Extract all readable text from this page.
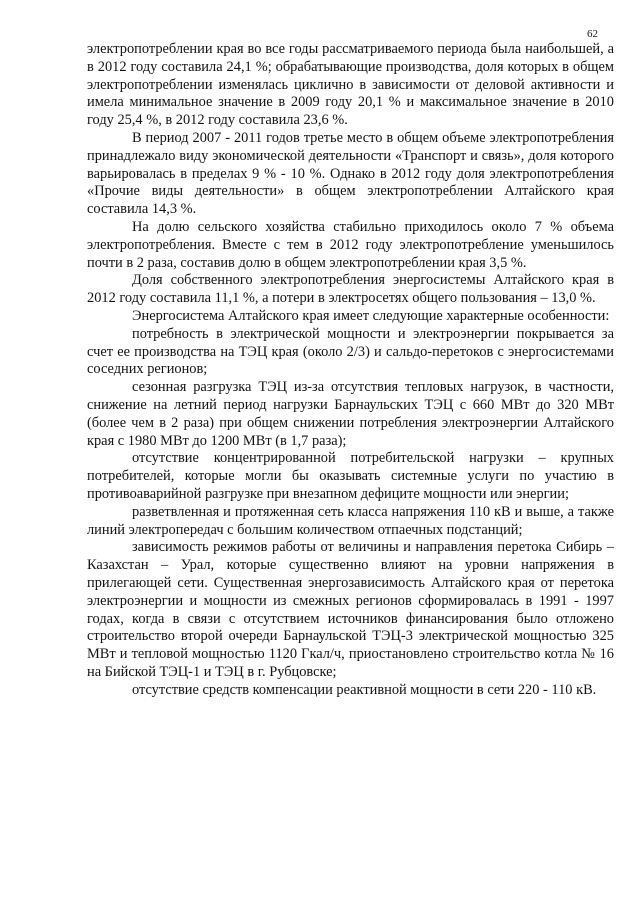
62

электропотреблении края во все годы рассматриваемого периода была наибольшей, а в 2012 году составила 24,1 %; обрабатывающие производства, доля которых в общем электропотреблении изменялась циклично в зависимости от деловой активности и имела минимальное значение в 2009 году 20,1 % и максимальное значение в 2010 году 25,4 %, в 2012 году составила 23,6 %.

В период 2007 - 2011 годов третье место в общем объеме электропотребления принадлежало виду экономической деятельности «Транспорт и связь», доля которого варьировалась в пределах 9 % - 10 %. Однако в 2012 году доля электропотребления «Прочие виды деятельности» в общем электропотреблении Алтайского края составила 14,3 %.

На долю сельского хозяйства стабильно приходилось около 7 % объема электропотребления. Вместе с тем в 2012 году электропотребление уменьшилось почти в 2 раза, составив долю в общем электропотреблении края 3,5 %.

Доля собственного электропотребления энергосистемы Алтайского края в 2012 году составила 11,1 %, а потери в электросетях общего пользования – 13,0 %.

Энергосистема Алтайского края имеет следующие характерные особенности:

потребность в электрической мощности и электроэнергии покрывается за счет ее производства на ТЭЦ края (около 2/3) и сальдо-перетоков с энергосистемами соседних регионов;

сезонная разгрузка ТЭЦ из-за отсутствия тепловых нагрузок, в частности, снижение на летний период нагрузки Барнаульских ТЭЦ с 660 МВт до 320 МВт (более чем в 2 раза) при общем снижении потребления электроэнергии Алтайского края с 1980 МВт до 1200 МВт (в 1,7 раза);

отсутствие концентрированной потребительской нагрузки – крупных потребителей, которые могли бы оказывать системные услуги по участию в противоаварийной разгрузке при внезапном дефиците мощности или энергии;

разветвленная и протяженная сеть класса напряжения 110 кВ и выше, а также линий электропередач с большим количеством отпаечных подстанций;

зависимость режимов работы от величины и направления перетока Сибирь – Казахстан – Урал, которые существенно влияют на уровни напряжения в прилегающей сети. Существенная энергозависимость Алтайского края от перетока электроэнергии и мощности из смежных регионов сформировалась в 1991 - 1997 годах, когда в связи с отсутствием источников финансирования было отложено строительство второй очереди Барнаульской ТЭЦ-3 электрической мощностью 325 МВт и тепловой мощностью 1120 Гкал/ч, приостановлено строительство котла № 16 на Бийской ТЭЦ-1 и ТЭЦ в г. Рубцовске;

отсутствие средств компенсации реактивной мощности в сети 220 - 110 кВ.
